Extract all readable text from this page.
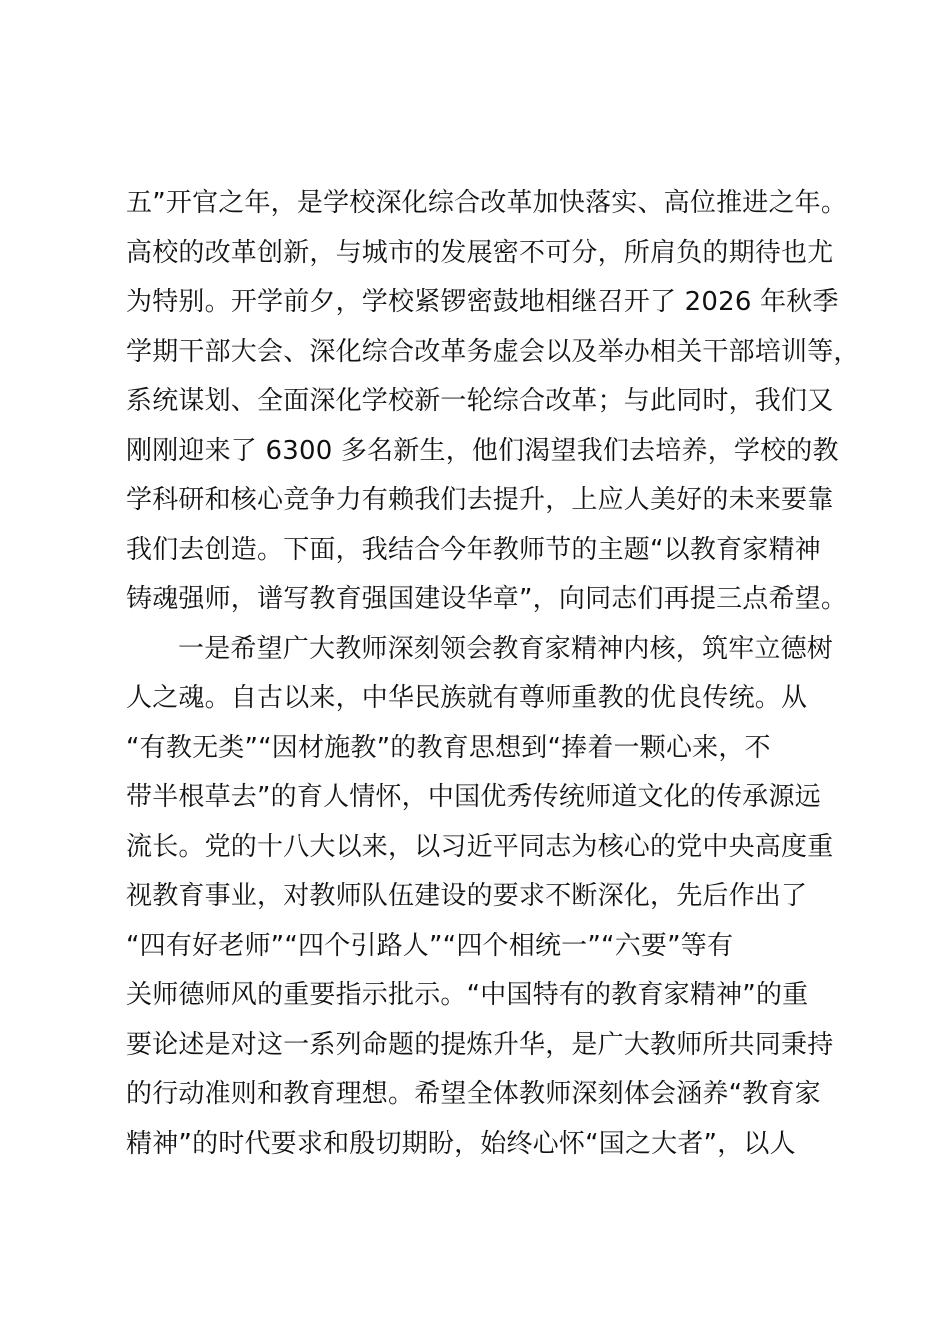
五”开官之年，是学校深化综合改革加快落实、高位推进之年。
高校的改革创新，与城市的发展密不可分，所肩负的期待也尤
为特别。开学前夕，学校紧锣密鼓地相继召开了 2026 年秋季
学期干部大会、深化综合改革务虚会以及举办相关干部培训等，
系统谋划、全面深化学校新一轮综合改革；与此同时，我们又
刚刚迎来了 6300 多名新生，他们渴望我们去培养，学校的教
学科研和核心竞争力有赖我们去提升，上应人美好的未来要靠
我们去创造。下面，我结合今年教师节的主题“以教育家精神
铸魂强师，谱写教育强国建设华章”，向同志们再提三点希望。
一是希望广大教师深刻领会教育家精神内核，筑牢立德树
人之魂。自古以来，中华民族就有尊师重教的优良传统。从
“有教无类”“因材施教”的教育思想到“捧着一颗心来，不
带半根草去”的育人情怀，中国优秀传统师道文化的传承源远
流长。党的十八大以来，以习近平同志为核心的党中央高度重
视教育事业，对教师队伍建设的要求不断深化，先后作出了
“四有好老师”“四个引路人”“四个相统一”“六要”等有
关师德师风的重要指示批示。“中国特有的教育家精神”的重
要论述是对这一系列命题的提炼升华，是广大教师所共同秉持
的行动准则和教育理想。希望全体教师深刻体会涵养“教育家
精神”的时代要求和殷切期盼，始终心怀“国之大者”，以人
